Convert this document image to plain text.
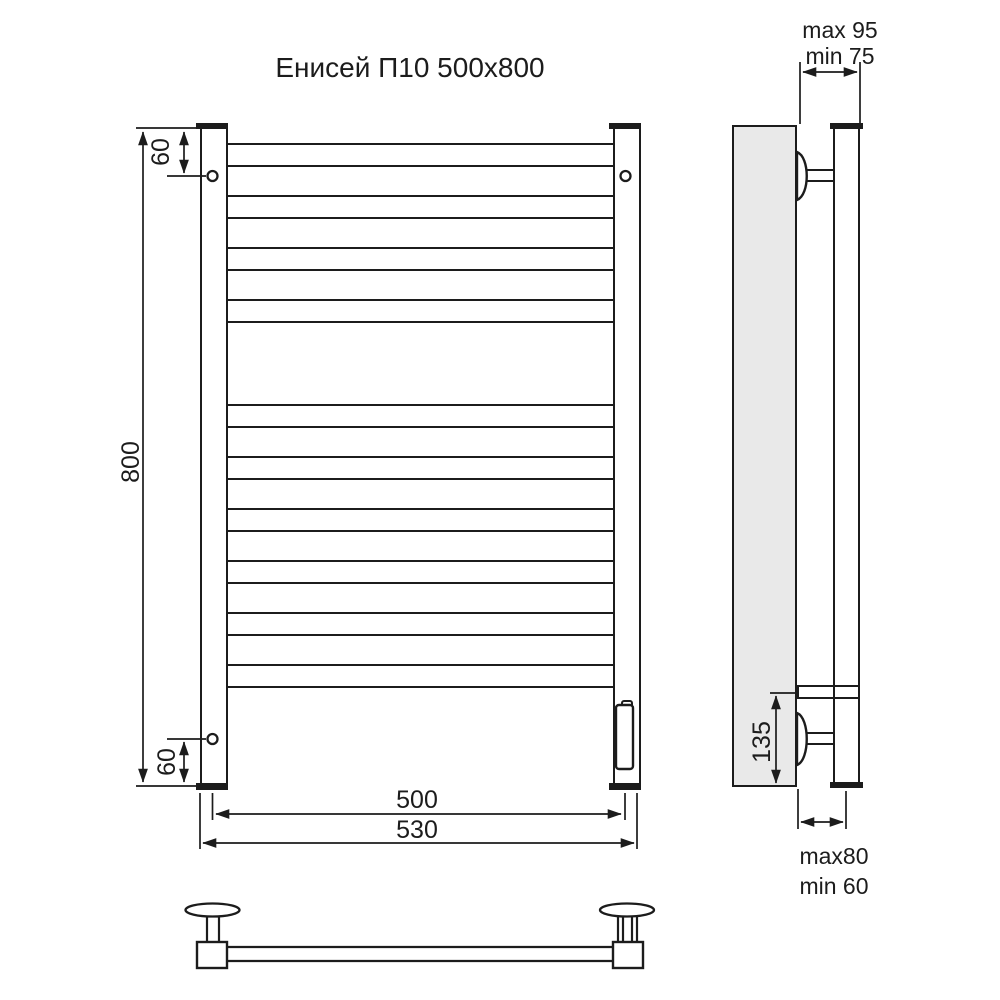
Енисей П10 500x800
800
60
60
500
530
max 95
min 75
135
max80
min 60
